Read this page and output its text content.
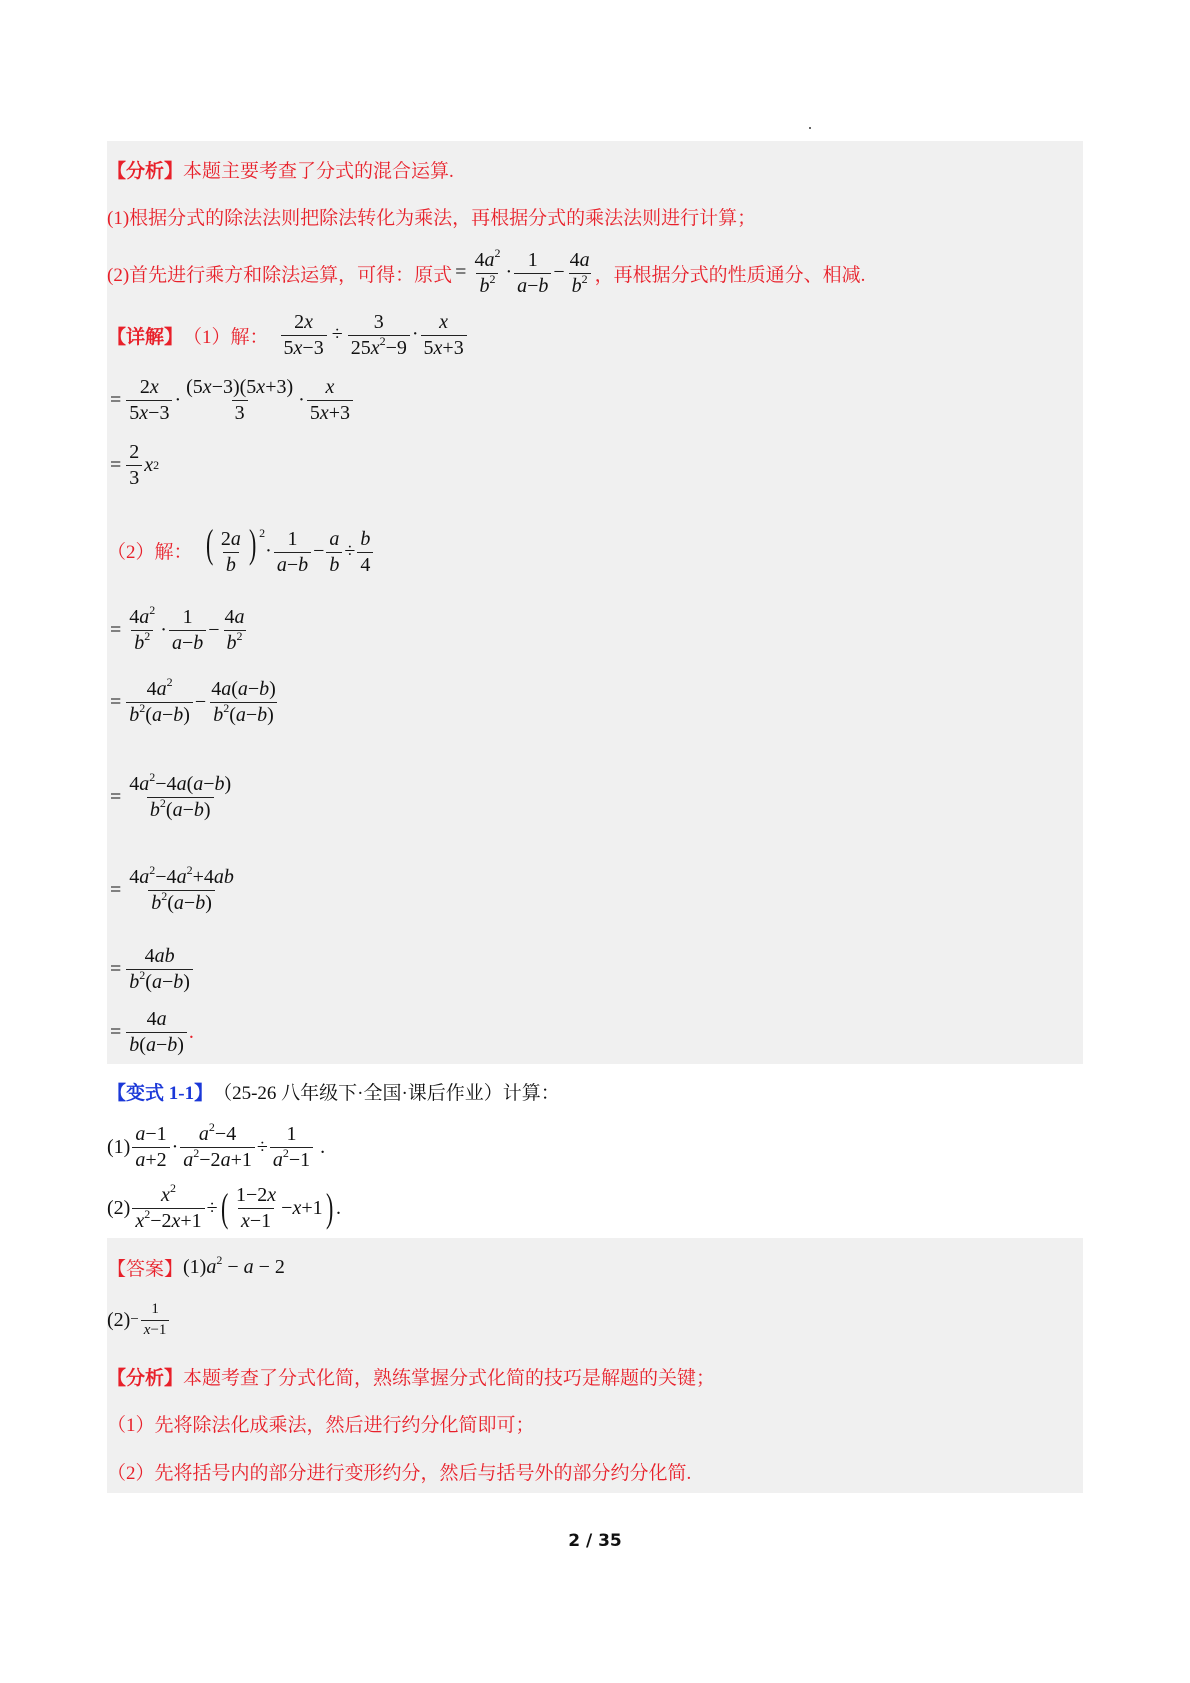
【分析】 本题主要考查了分式的混合运算.
(1)根据分式的除法法则把除法转化为乘法，再根据分式的乘法法则进行计算；
(2)首先进行乘方和除法运算，可得：原式 = $\frac{4a^2}{b^2} \cdot \frac{1}{a-b} - \frac{4a}{b^2}$ ，再根据分式的性质通分、相减.
【详解】 （1）解： $\frac{2x}{5x-3} \div \frac{3}{25x^2-9} \cdot \frac{x}{5x+3}$
= $\frac{2x}{5x-3} \cdot \frac{(5x-3)(5x+3)}{3} \cdot \frac{x}{5x+3}$
= $\frac{2}{3}$ x 2
（2）解： ( $\frac{2a}{b}$ ) $^2\cdot \frac{1}{a-b} - \frac{a}{b} \div \frac{b}{4}$
= $\frac{4a^2}{b^2} \cdot \frac{1}{a-b} - \frac{4a}{b^2}$
= $\frac{4a^2}{b^2(a-b)} - \frac{4a(a-b)}{b^2(a-b)}$
= $\frac{4a^2-4a(a-b)}{b^2(a-b)}$
= $\frac{4a^2-4a^2+4ab}{b^2(a-b)}$
= $\frac{4ab}{b^2(a-b)}$
= $\frac{4a}{b(a-b)}$ .
【变式 1-1】 （25-26 八年级下·全国·课后作业）计算：
$(1) \frac{a-1}{a+2} \cdot \frac{a^2-4}{a^2-2a+1} \div \frac{1}{a^2-1}$ .
$(2) \frac{x^2}{x^2-2x+1}$ ÷ ( $\frac{1-2x}{x-1} - x +1$ ) .
【答案】 (1) $a^2 - a - 2$
$(2) - \frac{1}{x-1}$
【分析】 本题考查了分式化简，熟练掌握分式化简的技巧是解题的关键；
（1）先将除法化成乘法，然后进行约分化简即可；
（2）先将括号内的部分进行变形约分，然后与括号外的部分约分化简.
2 / 35
